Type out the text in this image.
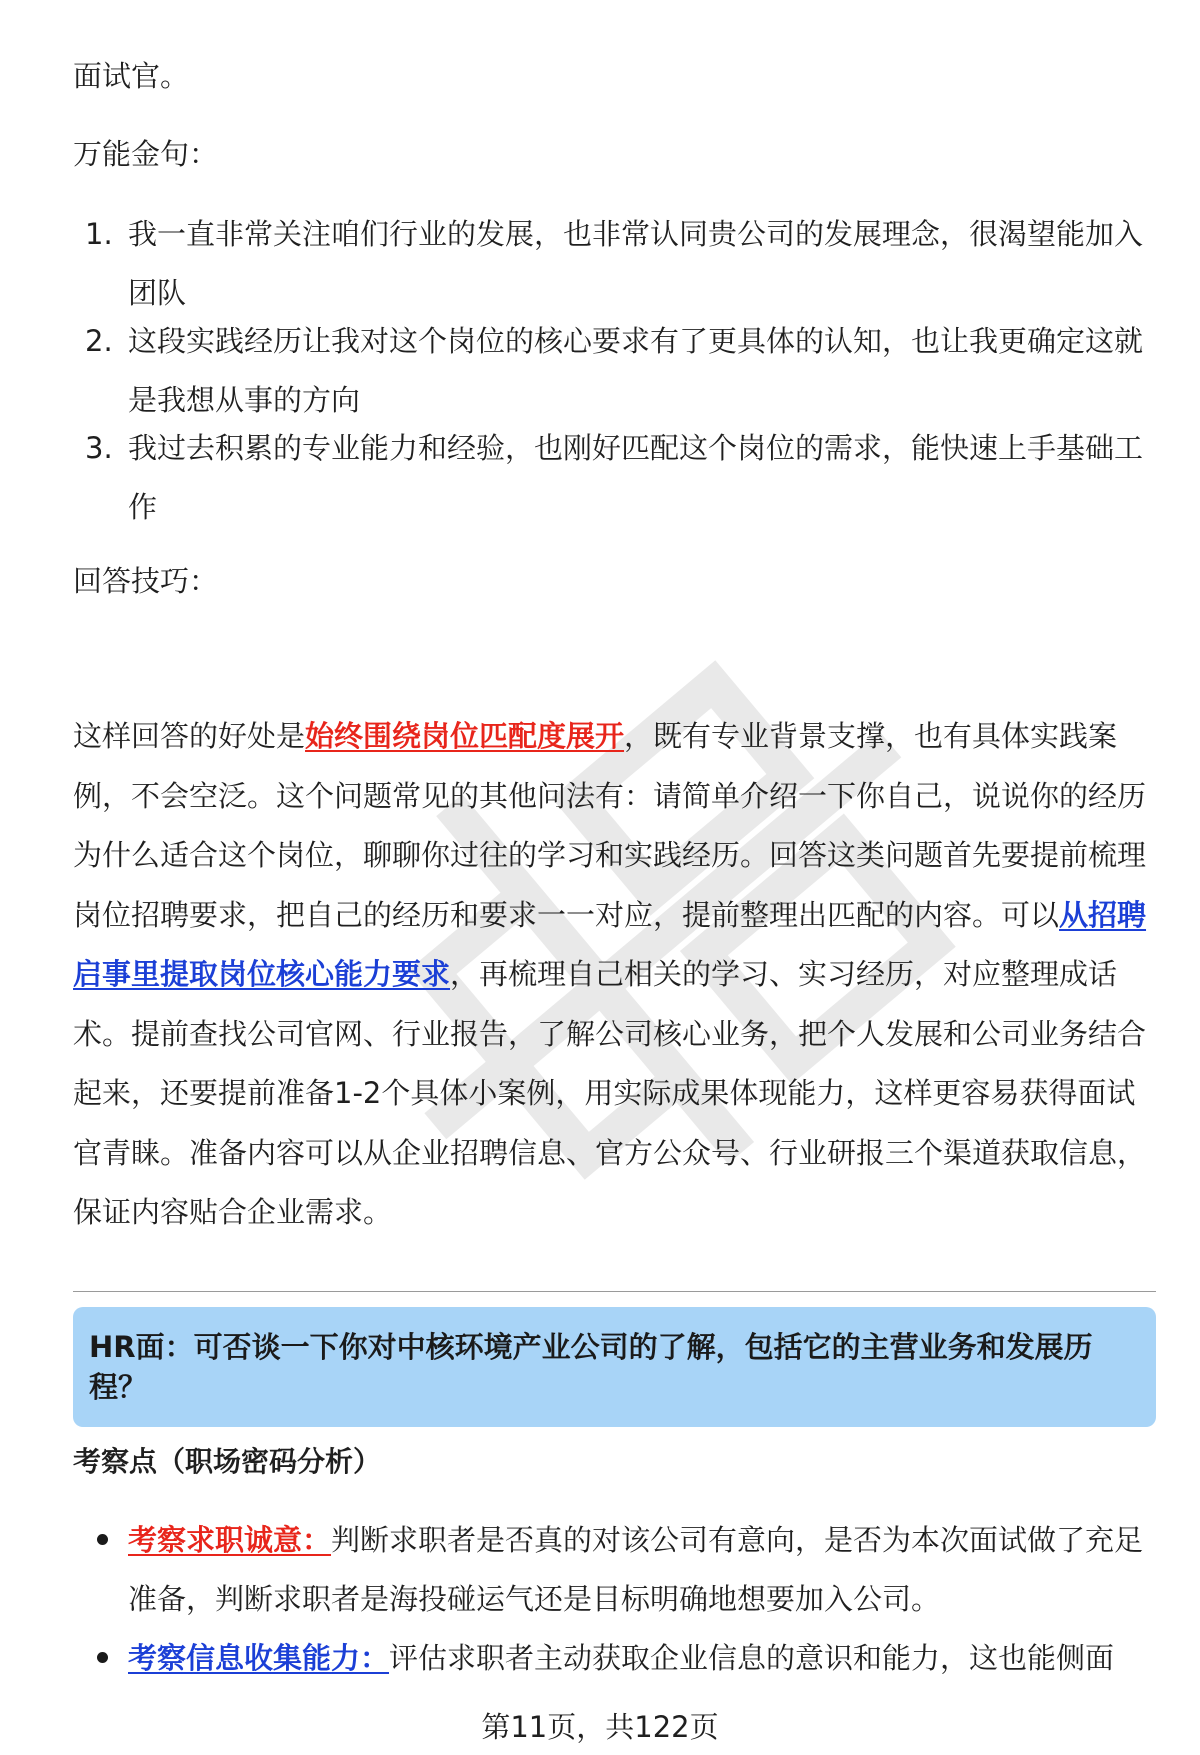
面试官。

万能金句：

1. 我一直非常关注咱们行业的发展，也非常认同贵公司的发展理念，很渴望能加入团队
2. 这段实践经历让我对这个岗位的核心要求有了更具体的认知，也让我更确定这就是我想从事的方向
3. 我过去积累的专业能力和经验，也刚好匹配这个岗位的需求，能快速上手基础工作

回答技巧：

这样回答的好处是始终围绕岗位匹配度展开，既有专业背景支撑，也有具体实践案例，不会空泛。这个问题常见的其他问法有：请简单介绍一下你自己，说说你的经历为什么适合这个岗位，聊聊你过往的学习和实践经历。回答这类问题首先要提前梳理岗位招聘要求，把自己的经历和要求一一对应，提前整理出匹配的内容。可以从招聘启事里提取岗位核心能力要求，再梳理自己相关的学习、实习经历，对应整理成话术。提前查找公司官网、行业报告，了解公司核心业务，把个人发展和公司业务结合起来，还要提前准备1-2个具体小案例，用实际成果体现能力，这样更容易获得面试官青睐。准备内容可以从企业招聘信息、官方公众号、行业研报三个渠道获取信息，保证内容贴合企业需求。

HR面：可否谈一下你对中核环境产业公司的了解，包括它的主营业务和发展历程？
考察点（职场密码分析）
考察求职诚意：判断求职者是否真的对该公司有意向，是否为本次面试做了充足准备，判断求职者是海投碰运气还是目标明确地想要加入公司。
考察信息收集能力：评估求职者主动获取企业信息的意识和能力，这也能侧面
第11页，共122页
